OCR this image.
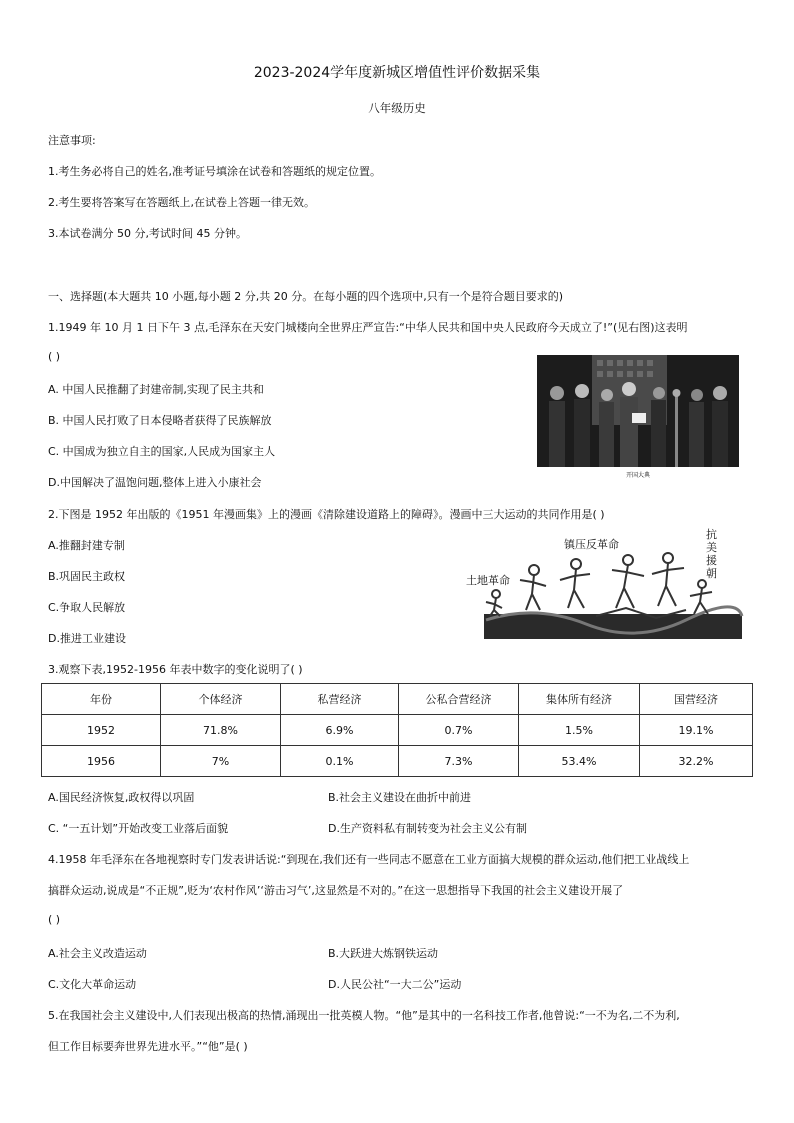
2023-2024学年度新城区增值性评价数据采集
八年级历史
注意事项:
1.考生务必将自己的姓名,准考证号填涂在试卷和答题纸的规定位置。
2.考生要将答案写在答题纸上,在试卷上答题一律无效。
3.本试卷满分 50 分,考试时间 45 分钟。
一、选择题(本大题共 10 小题,每小题 2 分,共 20 分。在每小题的四个选项中,只有一个是符合题目要求的)
1.1949 年 10 月 1 日下午 3 点,毛泽东在天安门城楼向全世界庄严宣告:“中华人民共和国中央人民政府今天成立了!”(见右图)这表明
( )
A. 中国人民推翻了封建帝制,实现了民主共和
B. 中国人民打败了日本侵略者获得了民族解放
C. 中国成为独立自主的国家,人民成为国家主人
D.中国解决了温饱问题,整体上进入小康社会
开国大典
2.下图是 1952 年出版的《1951 年漫画集》上的漫画《清除建设道路上的障碍》。漫画中三大运动的共同作用是( )
A.推翻封建专制
B.巩固民主政权
C.争取人民解放
D.推进工业建设
土地革命
镇压反革命
抗美援朝
3.观察下表,1952-1956 年表中数字的变化说明了( )
年份	个体经济	私营经济	公私合营经济	集体所有经济	国营经济
1952	71.8%	6.9%	0.7%	1.5%	19.1%
1956	7%	0.1%	7.3%	53.4%	32.2%
A.国民经济恢复,政权得以巩固	B.社会主义建设在曲折中前进
C. “一五计划”开始改变工业落后面貌	D.生产资料私有制转变为社会主义公有制
4.1958 年毛泽东在各地视察时专门发表讲话说:“到现在,我们还有一些同志不愿意在工业方面搞大规模的群众运动,他们把工业战线上
搞群众运动,说成是“不正规”,贬为‘农村作风’‘游击习气’,这显然是不对的。”在这一思想指导下我国的社会主义建设开展了
( )
A.社会主义改造运动	B.大跃进大炼钢铁运动
C.文化大革命运动	D.人民公社“一大二公”运动
5.在我国社会主义建设中,人们表现出极高的热情,涌现出一批英模人物。“他”是其中的一名科技工作者,他曾说:“一不为名,二不为利,
但工作目标要奔世界先进水平。”“他”是( )
